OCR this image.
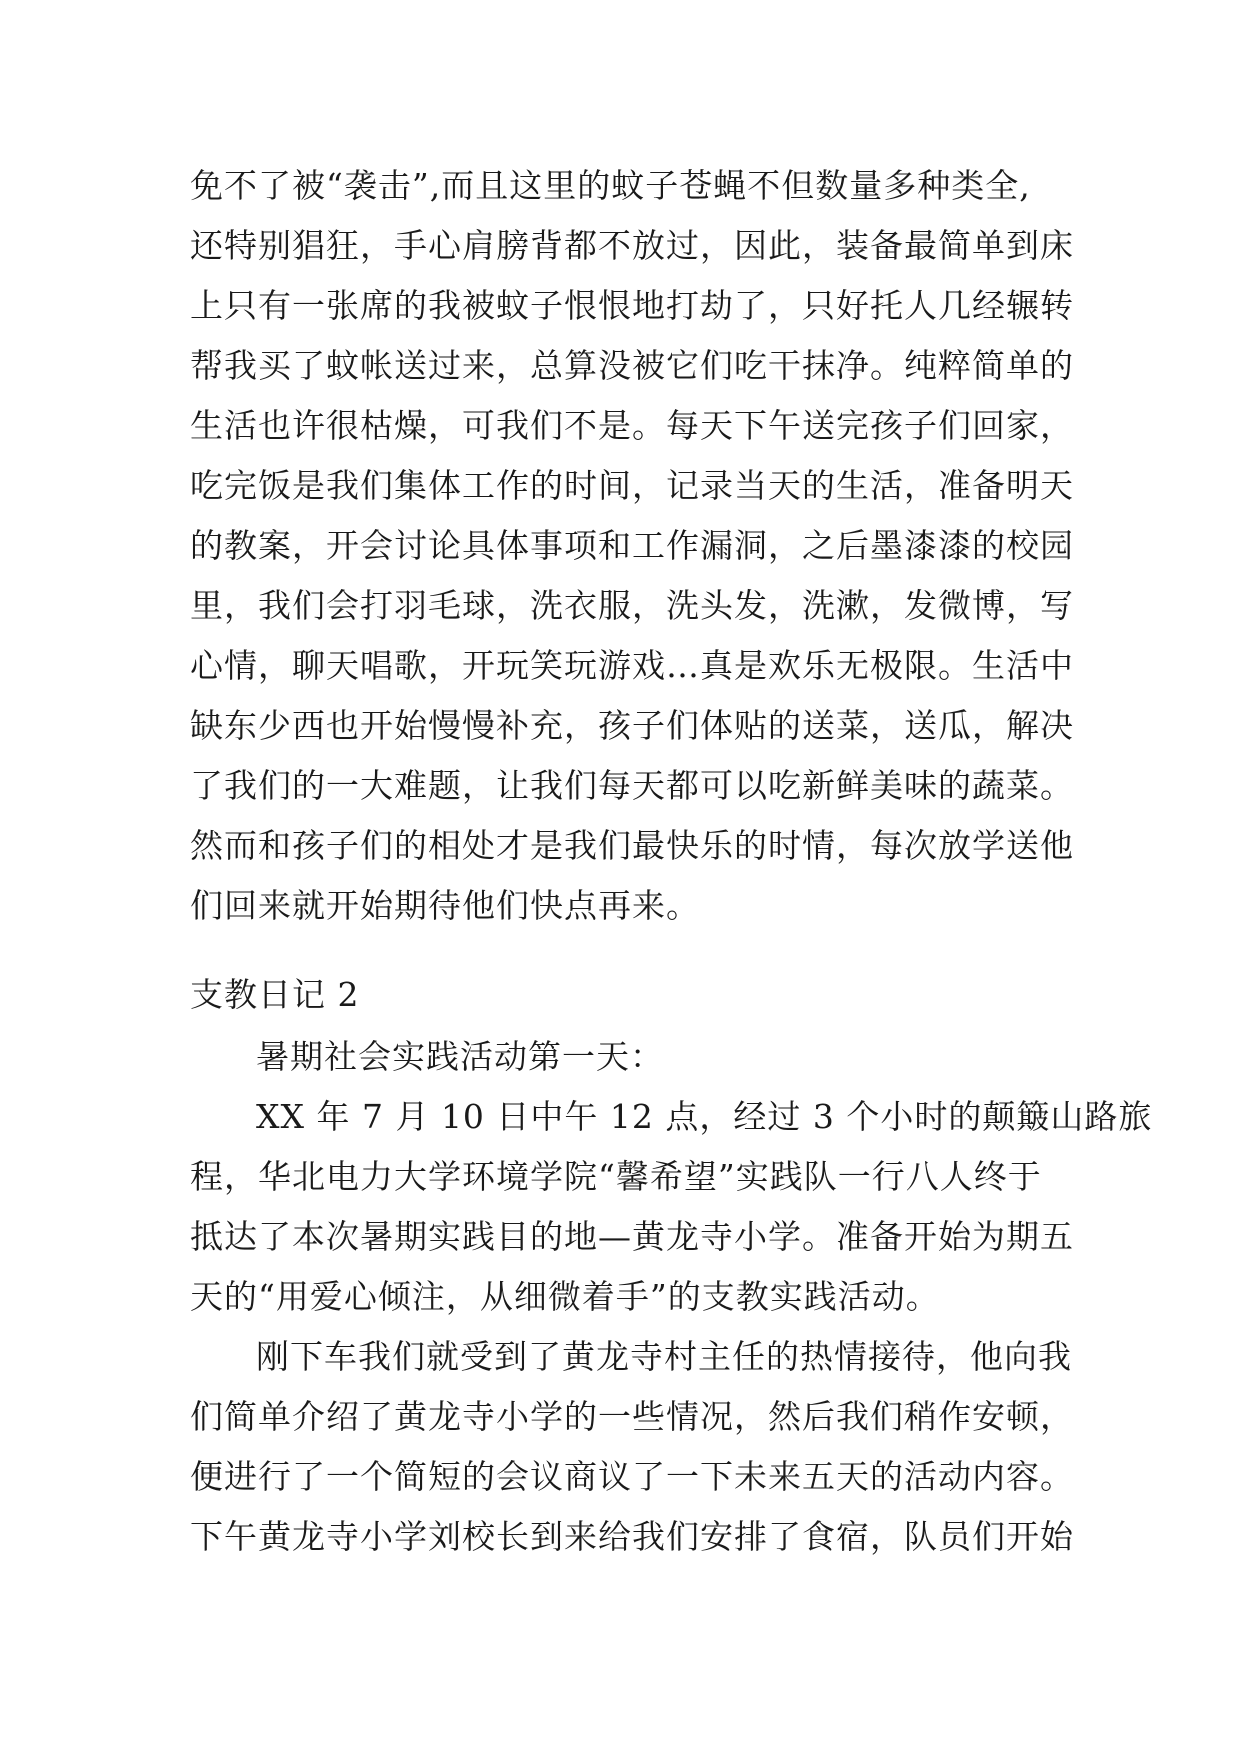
免不了被“袭击”,而且这里的蚊子苍蝇不但数量多种类全,
还特别猖狂，手心肩膀背都不放过，因此，装备最简单到床
上只有一张席的我被蚊子恨恨地打劫了，只好托人几经辗转
帮我买了蚊帐送过来，总算没被它们吃干抹净。纯粹简单的
生活也许很枯燥，可我们不是。每天下午送完孩子们回家，
吃完饭是我们集体工作的时间，记录当天的生活，准备明天
的教案，开会讨论具体事项和工作漏洞，之后墨漆漆的校园
里，我们会打羽毛球，洗衣服，洗头发，洗漱，发微博，写
心情，聊天唱歌，开玩笑玩游戏…真是欢乐无极限。生活中
缺东少西也开始慢慢补充，孩子们体贴的送菜，送瓜，解决
了我们的一大难题，让我们每天都可以吃新鲜美味的蔬菜。
然而和孩子们的相处才是我们最快乐的时情，每次放学送他
们回来就开始期待他们快点再来。
支教日记 2
暑期社会实践活动第一天：
XX 年 7 月 10 日中午 12 点，经过 3 个小时的颠簸山路旅
程，华北电力大学环境学院“馨希望”实践队一行八人终于
抵达了本次暑期实践目的地—黄龙寺小学。准备开始为期五
天的“用爱心倾注，从细微着手”的支教实践活动。
刚下车我们就受到了黄龙寺村主任的热情接待，他向我
们简单介绍了黄龙寺小学的一些情况，然后我们稍作安顿，
便进行了一个简短的会议商议了一下未来五天的活动内容。
下午黄龙寺小学刘校长到来给我们安排了食宿，队员们开始
